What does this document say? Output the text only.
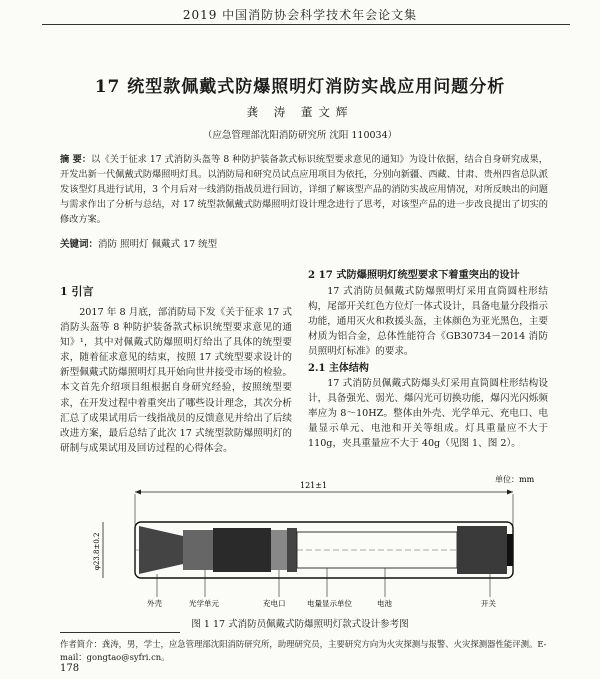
2019 中国消防协会科学技术年会论文集
17 统型款佩戴式防爆照明灯消防实战应用问题分析
龚 涛 董文辉
（应急管理部沈阳消防研究所 沈阳 110034）
摘 要：以《关于征求 17 式消防头盔等 8 种防护装备款式标识统型要求意见的通知》为设计依据，结合自身研究成果，开发出新一代佩戴式防爆照明灯具。以消防局和研究员试点应用项目为依托，分别向新疆、西藏、甘肃、贵州四省总队派发该型灯具进行试用，3 个月后对一线消防指战员进行回访，详细了解该型产品的消防实战应用情况，对所反映出的问题与需求作出了分析与总结，对 17 统型款佩戴式防爆照明灯设计理念进行了思考，对该型产品的进一步改良提出了切实的修改方案。
关键词：消防 照明灯 佩戴式 17 统型
1 引言
2017 年 8 月底，部消防局下发《关于征求 17 式消防头盔等 8 种防护装备款式标识统型要求意见的通知》¹，其中对佩戴式防爆照明灯给出了具体的统型要求，随着征求意见的结束，按照 17 式统型要求设计的新型佩戴式防爆照明灯具开始向世井接受市场的检验。本文首先介绍项目组根据自身研究经验，按照统型要求，在开发过程中着重突出了哪些设计理念，其次分析汇总了成果试用后一线指战员的反馈意见并给出了后续改进方案，最后总结了此次 17 式统型款防爆照明灯的研制与成果试用及回访过程的心得体会。
2 17 式防爆照明灯统型要求下着重突出的设计
17 式消防员佩戴式防爆照明灯采用直筒圆柱形结构，尾部开关红色方位灯一体式设计，具备电量分段指示功能，通用灭火和救援头盔，主体颜色为亚光黑色，主要材质为铝合金，总体性能符合《GB30734－2014 消防员照明灯标准》的要求。
2.1 主体结构
17 式消防员佩戴式防爆头灯采用直筒圆柱形结构设计，具备强光、弱光、爆闪光可切换功能，爆闪光闪烁频率应为 8～10HZ。整体由外壳、光学单元、充电口、电量显示单元、电池和开关等组成。灯具重量应不大于 110g，夹具重量应不大于 40g（见图 1、图 2）。
单位：mm
121±1
φ23.8±0.2
外壳	光学单元	充电口	电量显示单位	电池	开关
图 1 17 式消防员佩戴式防爆照明灯款式设计参考图
作者简介：龚涛，男，学士，应急管理部沈阳消防研究所，助理研究员，主要研究方向为火灾探测与报警、火灾探测器性能评测。E-mail：gongtao@syfri.cn。
178
